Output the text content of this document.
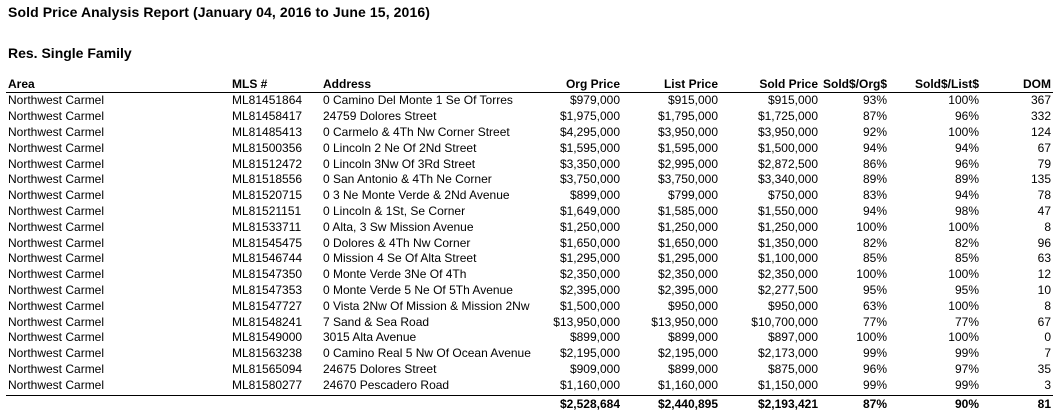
Sold Price Analysis Report (January 04, 2016 to June 15, 2016)
Res. Single Family
Area	MLS #	Address	Org Price	List Price	Sold Price	Sold$/Org$	Sold$/List$	DOM
Northwest Carmel	ML81451864	0 Camino Del Monte 1 Se Of Torres	$979,000	$915,000	$915,000	93%	100%	367
Northwest Carmel	ML81458417	24759 Dolores Street	$1,975,000	$1,795,000	$1,725,000	87%	96%	332
Northwest Carmel	ML81485413	0 Carmelo & 4Th Nw Corner Street	$4,295,000	$3,950,000	$3,950,000	92%	100%	124
Northwest Carmel	ML81500356	0 Lincoln 2 Ne Of 2Nd Street	$1,595,000	$1,595,000	$1,500,000	94%	94%	67
Northwest Carmel	ML81512472	0 Lincoln 3Nw Of 3Rd Street	$3,350,000	$2,995,000	$2,872,500	86%	96%	79
Northwest Carmel	ML81518556	0 San Antonio & 4Th Ne Corner	$3,750,000	$3,750,000	$3,340,000	89%	89%	135
Northwest Carmel	ML81520715	0 3 Ne Monte Verde & 2Nd Avenue	$899,000	$799,000	$750,000	83%	94%	78
Northwest Carmel	ML81521151	0 Lincoln & 1St, Se Corner	$1,649,000	$1,585,000	$1,550,000	94%	98%	47
Northwest Carmel	ML81533711	0 Alta, 3 Sw Mission Avenue	$1,250,000	$1,250,000	$1,250,000	100%	100%	8
Northwest Carmel	ML81545475	0 Dolores & 4Th Nw Corner	$1,650,000	$1,650,000	$1,350,000	82%	82%	96
Northwest Carmel	ML81546744	0 Mission 4 Se Of Alta Street	$1,295,000	$1,295,000	$1,100,000	85%	85%	63
Northwest Carmel	ML81547350	0 Monte Verde 3Ne Of 4Th	$2,350,000	$2,350,000	$2,350,000	100%	100%	12
Northwest Carmel	ML81547353	0 Monte Verde 5 Ne Of 5Th Avenue	$2,395,000	$2,395,000	$2,277,500	95%	95%	10
Northwest Carmel	ML81547727	0 Vista 2Nw Of Mission & Mission 2Nw	$1,500,000	$950,000	$950,000	63%	100%	8
Northwest Carmel	ML81548241	7 Sand & Sea Road	$13,950,000	$13,950,000	$10,700,000	77%	77%	67
Northwest Carmel	ML81549000	3015 Alta Avenue	$899,000	$899,000	$897,000	100%	100%	0
Northwest Carmel	ML81563238	0 Camino Real 5 Nw Of Ocean Avenue	$2,195,000	$2,195,000	$2,173,000	99%	99%	7
Northwest Carmel	ML81565094	24675 Dolores Street	$909,000	$899,000	$875,000	96%	97%	35
Northwest Carmel	ML81580277	24670 Pescadero Road	$1,160,000	$1,160,000	$1,150,000	99%	99%	3

			$2,528,684	$2,440,895	$2,193,421	87%	90%	81
